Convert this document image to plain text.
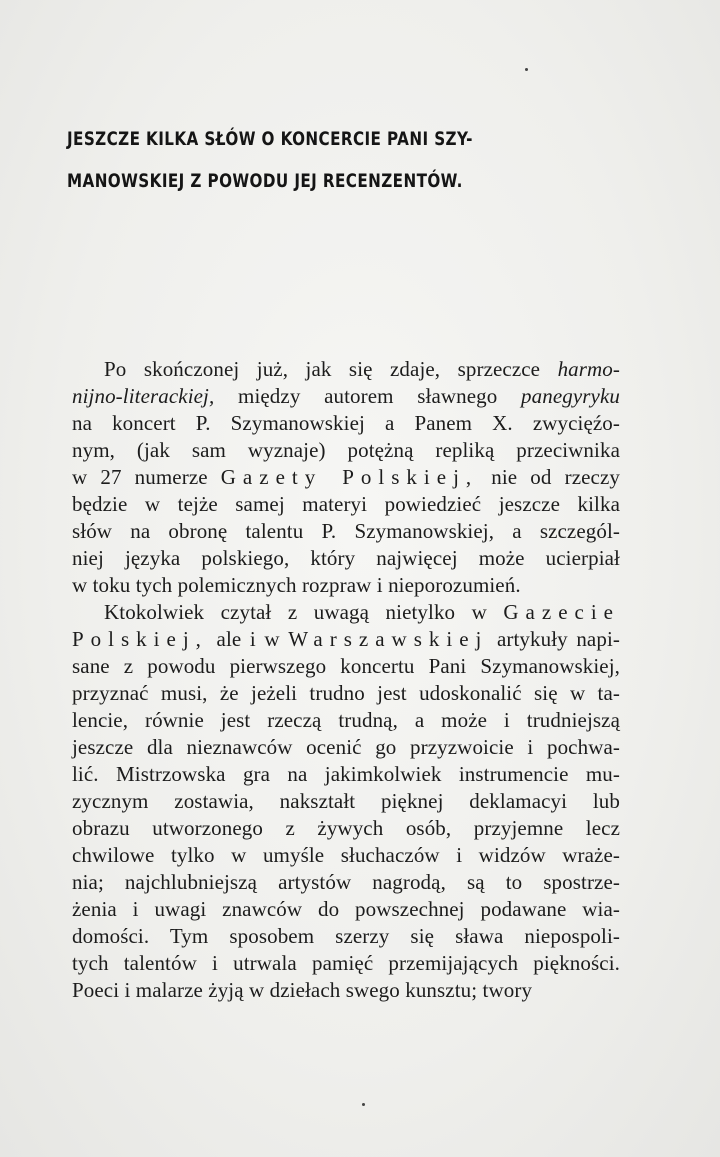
JESZCZE KILKA SŁÓW O KONCERCIE PANI SZY-
MANOWSKIEJ Z POWODU JEJ RECENZENTÓW.
Po skończonej już, jak się zdaje, sprzeczce harmo-
nijno-literackiej, między autorem sławnego panegyryku
na koncert P. Szymanowskiej a Panem X. zwycięźo-
nym, (jak sam wyznaje) potężną repliką przeciwnika
w 27 numerze Gazety Polskiej, nie od rzeczy
będzie w tejże samej materyi powiedzieć jeszcze kilka
słów na obronę talentu P. Szymanowskiej, a szczegól-
niej języka polskiego, który najwięcej może ucierpiał
w toku tych polemicznych rozpraw i nieporozumień.
Ktokolwiek czytał z uwagą nietylko w Gazecie
Polskiej, ale i w Warszawskiej artykuły napi-
sane z powodu pierwszego koncertu Pani Szymanowskiej,
przyznać musi, że jeżeli trudno jest udoskonalić się w ta-
lencie, równie jest rzeczą trudną, a może i trudniejszą
jeszcze dla nieznawców ocenić go przyzwoicie i pochwa-
lić. Mistrzowska gra na jakimkolwiek instrumencie mu-
zycznym zostawia, nakształt pięknej deklamacyi lub
obrazu utworzonego z żywych osób, przyjemne lecz
chwilowe tylko w umyśle słuchaczów i widzów wraże-
nia; najchlubniejszą artystów nagrodą, są to spostrze-
żenia i uwagi znawców do powszechnej podawane wia-
domości. Tym sposobem szerzy się sława niepospoli-
tych talentów i utrwala pamięć przemijających piękności.
Poeci i malarze żyją w dziełach swego kunsztu; twory
